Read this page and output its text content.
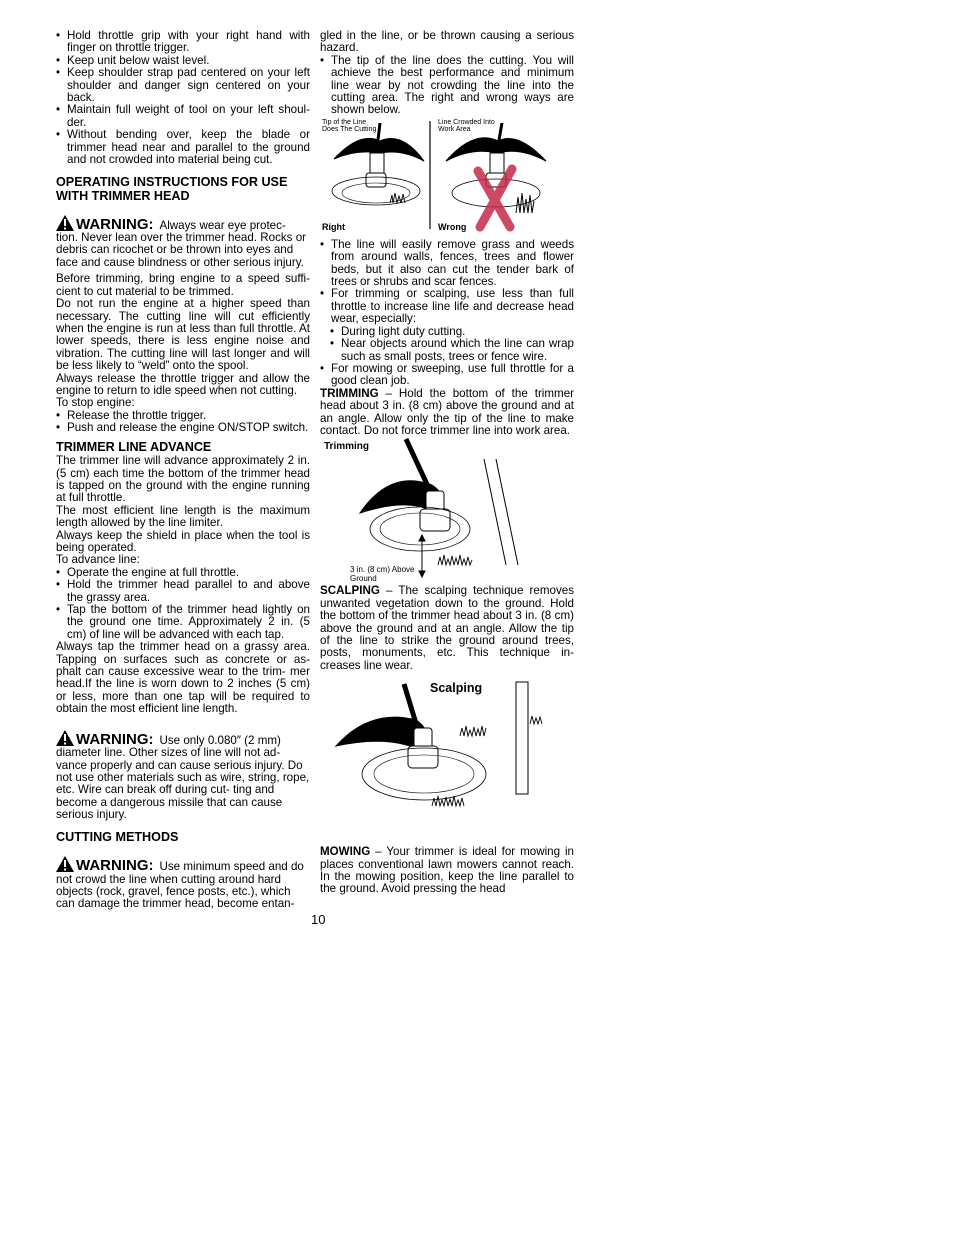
• Hold throttle grip with your right hand with finger on throttle trigger.
• Keep unit below waist level.
• Keep shoulder strap pad centered on your left shoulder and danger sign centered on your back.
• Maintain full weight of tool on your left shoul- der.
• Without bending over, keep the blade or trimmer head near and parallel to the ground and not crowded into material being cut.
OPERATING INSTRUCTIONS FOR USE WITH TRIMMER HEAD
WARNING: Always wear eye protec- tion. Never lean over the trimmer head. Rocks or debris can ricochet or be thrown into eyes and face and cause blindness or other serious injury.

Before trimming, bring engine to a speed suffi- cient to cut material to be trimmed.

Do not run the engine at a higher speed than necessary. The cutting line will cut efficiently when the engine is run at less than full throttle. At lower speeds, there is less engine noise and vibration. The cutting line will last longer and will be less likely to “weld” onto the spool.

Always release the throttle trigger and allow the engine to return to idle speed when not cutting.

To stop engine:

• Release the throttle trigger.
• Push and release the engine ON/STOP switch.
TRIMMER LINE ADVANCE

The trimmer line will advance approximately 2 in. (5 cm) each time the bottom of the trimmer head is tapped on the ground with the engine running at full throttle.

The most efficient line length is the maximum length allowed by the line limiter.

Always keep the shield in place when the tool is being operated.

To advance line:

• Operate the engine at full throttle.
• Hold the trimmer head parallel to and above the grassy area.
• Tap the bottom of the trimmer head lightly on the ground one time. Approximately 2 in. (5 cm) of line will be advanced with each tap.

Always tap the trimmer head on a grassy area. Tapping on surfaces such as concrete or as- phalt can cause excessive wear to the trim- mer head.If the line is worn down to 2 inches (5 cm) or less, more than one tap will be required to obtain the most efficient line length.

WARNING: Use only 0.080″ (2 mm) diameter line. Other sizes of line will not ad- vance properly and can cause serious injury. Do not use other materials such as wire, string, rope, etc. Wire can break off during cut- ting and become a dangerous missile that can cause serious injury.
CUTTING METHODS
WARNING: Use minimum speed and do not crowd the line when cutting around hard objects (rock, gravel, fence posts, etc.), which can damage the trimmer head, become entan-

gled in the line, or be thrown causing a serious hazard.

• The tip of the line does the cutting. You will achieve the best performance and minimum line wear by not crowding the line into the cutting area. The right and wrong ways are shown below.
Tip of the Line Does The Cutting
Line Crowded Into Work Area
Right	Wrong
• The line will easily remove grass and weeds from around walls, fences, trees and flower beds, but it also can cut the tender bark of trees or shrubs and scar fences.
• For trimming or scalping, use less than full throttle to increase line life and decrease head wear, especially:
• During light duty cutting.
• Near objects around which the line can wrap such as small posts, trees or fence wire.
• For mowing or sweeping, use full throttle for a good clean job.

TRIMMING – Hold the bottom of the trimmer head about 3 in. (8 cm) above the ground and at an angle. Allow only the tip of the line to make contact. Do not force trimmer line into work area.

Trimming
3 in. (8 cm) Above Ground

SCALPING – The scalping technique removes unwanted vegetation down to the ground. Hold the bottom of the trimmer head about 3 in. (8 cm) above the ground and at an angle. Allow the tip of the line to strike the ground around trees, posts, monuments, etc. This technique in- creases line wear.

Scalping

MOWING – Your trimmer is ideal for mowing in places conventional lawn mowers cannot reach. In the mowing position, keep the line parallel to the ground. Avoid pressing the head

10
